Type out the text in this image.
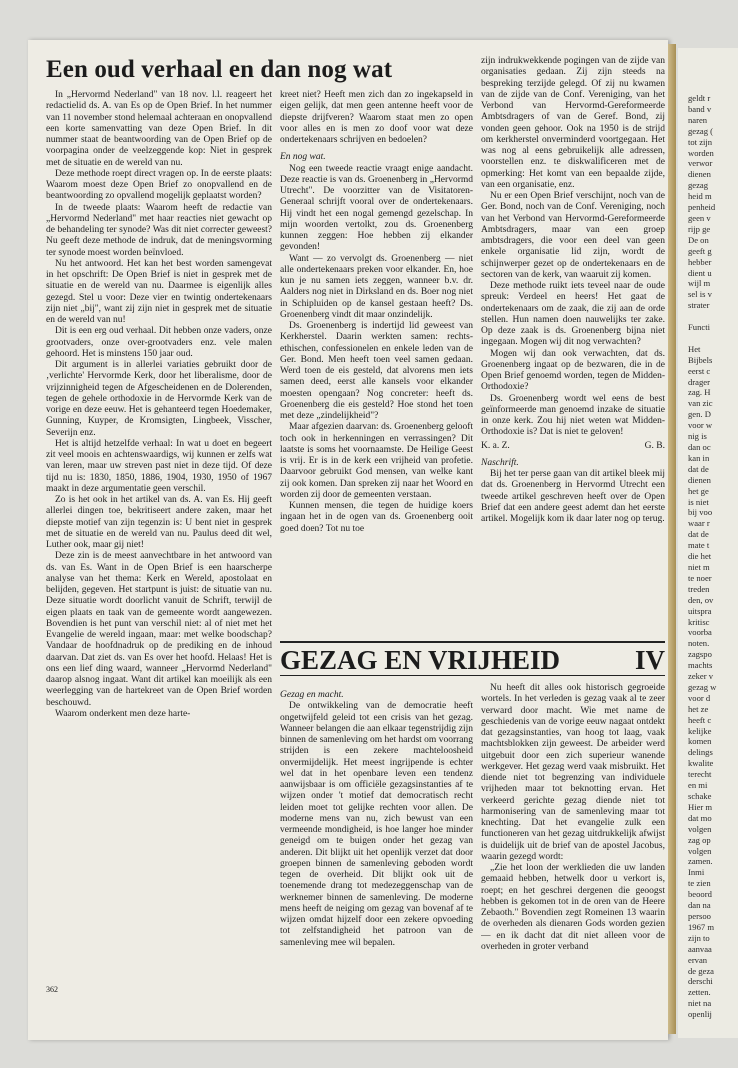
geldt r
band v
naren
gezag (
tot zijn
worden
verwor
dienen
gezag
heid m
penheid
geen v
rijp ge
De on
geeft g
hebber
dient u
wijl m
sel is v
strater

Functi

Het
Bijbels
eerst c
drager
zag. H
van zic
gen. D
voor w
nig is
dan oc
kan in
dat de
dienen
het ge
is niet
bij voo
waar r
dat de
mate t
die het
niet m
te noer
treden
den, ov
uitspra
kritisc
voorba
noten.
zagspo
machts
zeker v
gezag w
voor d
het ze
heeft c
kelijke
komen
delings
kwalite
terecht
en mi
schake
Hier m
dat mo
volgen
zag op
volgen
zamen.
Inmi
te zien
beoord
dan na
persoo
1967 m
zijn to
aanvaa
ervan
de geza
derschi
zetten.
niet na
openlij
Een oud verhaal en dan nog wat

In „Hervormd Nederland" van 18 nov. l.l. reageert het redactielid ds. A. van Es op de Open Brief. In het nummer van 11 november stond helemaal achteraan en onopvallend een korte samenvatting van deze Open Brief. In dit nummer staat de beantwoording van de Open Brief op de voorpagina onder de veelzeggende kop: Niet in gesprek met de situatie en de wereld van nu.

Deze methode roept direct vragen op. In de eerste plaats: Waarom moest deze Open Brief zo onopvallend en de beantwoording zo opvallend mogelijk geplaatst worden?

In de tweede plaats: Waarom heeft de redactie van „Hervormd Nederland" met haar reacties niet gewacht op de behandeling ter synode? Was dit niet correcter geweest? Nu geeft deze methode de indruk, dat de meningsvorming ter synode moest worden beïnvloed.

Nu het antwoord. Het kan het best worden samengevat in het opschrift: De Open Brief is niet in gesprek met de situatie en de wereld van nu. Daarmee is eigenlijk alles gezegd. Stel u voor: Deze vier en twintig ondertekenaars zijn niet „bij", want zij zijn niet in gesprek met de situatie en de wereld van nu!

Dit is een erg oud verhaal. Dit hebben onze vaders, onze grootvaders, onze over-grootvaders enz. vele malen gehoord. Het is minstens 150 jaar oud.

Dit argument is in allerlei variaties gebruikt door de ‚verlichte' Hervormde Kerk, door het liberalisme, door de vrijzinnigheid tegen de Afgescheidenen en de Dolerenden, tegen de gehele orthodoxie in de Hervormde Kerk van de vorige en deze eeuw. Het is gehanteerd tegen Hoedemaker, Gunning, Kuyper, de Kromsigten, Lingbeek, Visscher, Severijn enz.

Het is altijd hetzelfde verhaal: In wat u doet en begeert zit veel moois en achtenswaardigs, wij kunnen er zelfs wat van leren, maar uw streven past niet in deze tijd. Of deze tijd nu is: 1830, 1850, 1886, 1904, 1930, 1950 of 1967 maakt in deze argumentatie geen verschil.

Zo is het ook in het artikel van ds. A. van Es. Hij geeft allerlei dingen toe, bekritiseert andere zaken, maar het diepste motief van zijn tegenzin is: U bent niet in gesprek met de situatie en de wereld van nu. Paulus deed dit wel, Luther ook, maar gij niet!

Deze zin is de meest aanvechtbare in het antwoord van ds. van Es. Want in de Open Brief is een haarscherpe analyse van het thema: Kerk en Wereld, apostolaat en belijden, gegeven. Het startpunt is juist: de situatie van nu. Deze situatie wordt doorlicht vanuit de Schrift, terwijl de eigen plaats en taak van de gemeente wordt aangewezen. Bovendien is het punt van verschil niet: al of niet met het Evangelie de wereld ingaan, maar: met welke boodschap? Vandaar de hoofdnadruk op de prediking en de inhoud daarvan. Dat ziet ds. van Es over het hoofd. Helaas! Het is ons een lief ding waard, wanneer „Hervormd Nederland" daarop alsnog ingaat. Want dit artikel kan moeilijk als een weerlegging van de hartekreet van de Open Brief worden beschouwd.

Waarom onderkent men deze harte-

kreet niet? Heeft men zich dan zo ingekapseld in eigen gelijk, dat men geen antenne heeft voor de diepste drijfveren? Waarom staat men zo open voor alles en is men zo doof voor wat deze ondertekenaars schrijven en bedoelen?

En nog wat.

Nog een tweede reactie vraagt enige aandacht. Deze reactie is van ds. Groenenberg in „Hervormd Utrecht". De voorzitter van de Visitatoren-Generaal schrijft vooral over de ondertekenaars. Hij vindt het een nogal gemengd gezelschap. In mijn woorden vertolkt, zou ds. Groenenberg kunnen zeggen: Hoe hebben zij elkander gevonden!

Want — zo vervolgt ds. Groenenberg — niet alle ondertekenaars preken voor elkander. En, hoe kun je nu samen iets zeggen, wanneer b.v. dr. Aalders nog niet in Dirksland en ds. Boer nog niet in Schipluiden op de kansel gestaan heeft? Ds. Groenenberg vindt dit maar onzindelijk.

Ds. Groenenberg is indertijd lid geweest van Kerkherstel. Daarin werkten samen: rechts-ethischen, confessionelen en enkele leden van de Ger. Bond. Men heeft toen veel samen gedaan. Werd toen de eis gesteld, dat alvorens men iets samen deed, eerst alle kansels voor elkander moesten opengaan? Nog concreter: heeft ds. Groenenberg die eis gesteld? Hoe stond het toen met deze „zindelijkheid"?

Maar afgezien daarvan: ds. Groenenberg gelooft toch ook in herkenningen en verrassingen? Dit laatste is soms het voornaamste. De Heilige Geest is vrij. Er is in de kerk een vrijheid van profetie. Daarvoor gebruikt God mensen, van welke kant zij ook komen. Dan spreken zij naar het Woord en worden zij door de gemeenten verstaan.

Kunnen mensen, die tegen de huidige koers ingaan het in de ogen van ds. Groenenberg ooit goed doen? Tot nu toe

zijn indrukwekkende pogingen van de zijde van organisaties gedaan. Zij zijn steeds na bespreking terzijde gelegd. Of zij nu kwamen van de zijde van de Conf. Vereniging, van het Verbond van Hervormd-Gereformeerde Ambtsdragers of van de Geref. Bond, zij vonden geen gehoor. Ook na 1950 is de strijd om kerkherstel onverminderd voortgegaan. Het was nog al eens gebruikelijk alle adressen, voorstellen enz. te diskwalificeren met de opmerking: Het komt van een bepaalde zijde, van een organisatie, enz.

Nu er een Open Brief verschijnt, noch van de Ger. Bond, noch van de Conf. Vereniging, noch van het Verbond van Hervormd-Gereformeerde Ambtsdragers, maar van een groep ambtsdragers, die voor een deel van geen enkele organisatie lid zijn, wordt de schijnwerper gezet op de ondertekenaars en de sectoren van de kerk, van waaruit zij komen.

Deze methode ruikt iets teveel naar de oude spreuk: Verdeel en heers! Het gaat de ondertekenaars om de zaak, die zij aan de orde stellen. Hun namen doen nauwelijks ter zake. Op deze zaak is ds. Groenenberg bijna niet ingegaan. Mogen wij dit nog verwachten?

Mogen wij dan ook verwachten, dat ds. Groenenberg ingaat op de bezwaren, die in de Open Brief genoemd worden, tegen de Midden-Orthodoxie?

Ds. Groenenberg wordt wel eens de best geïnformeerde man genoemd inzake de situatie in onze kerk. Zou hij niet weten wat Midden-Orthodoxie is? Dat is niet te geloven!

K. a. Z.	G. B.

Naschrift.

Bij het ter perse gaan van dit artikel bleek mij dat ds. Groenenberg in Hervormd Utrecht een tweede artikel geschreven heeft over de Open Brief dat een andere geest ademt dan het eerste artikel. Mogelijk kom ik daar later nog op terug.

GEZAG EN VRIJHEID	IV

Gezag en macht.

De ontwikkeling van de democratie heeft ongetwijfeld geleid tot een crisis van het gezag. Wanneer belangen die aan elkaar tegenstrijdig zijn binnen de samenleving om het hardst om voorrang strijden is een zekere machteloosheid onvermijdelijk. Het meest ingrijpende is echter wel dat in het openbare leven een tendenz aanwijsbaar is om officiële gezagsinstanties af te wijzen onder 't motief dat democratisch recht leiden moet tot gelijke rechten voor allen. De moderne mens van nu, zich bewust van een vermeende mondigheid, is hoe langer hoe minder geneigd om te buigen onder het gezag van anderen. Dit blijkt uit het openlijk verzet dat door groepen binnen de samenleving geboden wordt tegen de overheid. Dit blijkt ook uit de toenemende drang tot medezeggenschap van de werknemer binnen de samenleving. De moderne mens heeft de neiging om gezag van bovenaf af te wijzen omdat hijzelf door een zekere opvoeding tot zelfstandigheid het patroon van de samenleving mee wil bepalen.

Nu heeft dit alles ook historisch gegroeide wortels. In het verleden is gezag vaak al te zeer verward door macht. Wie met name de geschiedenis van de vorige eeuw nagaat ontdekt dat gezagsinstanties, van hoog tot laag, vaak machtsblokken zijn geweest. De arbeider werd uitgebuit door een zich superieur wanende werkgever. Het gezag werd vaak misbruikt. Het diende niet tot begrenzing van individuele vrijheden maar tot beknotting ervan. Het verkeerd gerichte gezag diende niet tot harmonisering van de samenleving maar tot knechting. Dat het evangelie zulk een functioneren van het gezag uitdrukkelijk afwijst is duidelijk uit de brief van de apostel Jacobus, waarin gezegd wordt:

„Zie het loon der werklieden die uw landen gemaaid hebben, hetwelk door u verkort is, roept; en het geschrei dergenen die geoogst hebben is gekomen tot in de oren van de Heere Zebaoth." Bovendien zegt Romeinen 13 waarin de overheden als dienaren Gods worden gezien — en ik dacht dat dit niet alleen voor de overheden in groter verband

362
